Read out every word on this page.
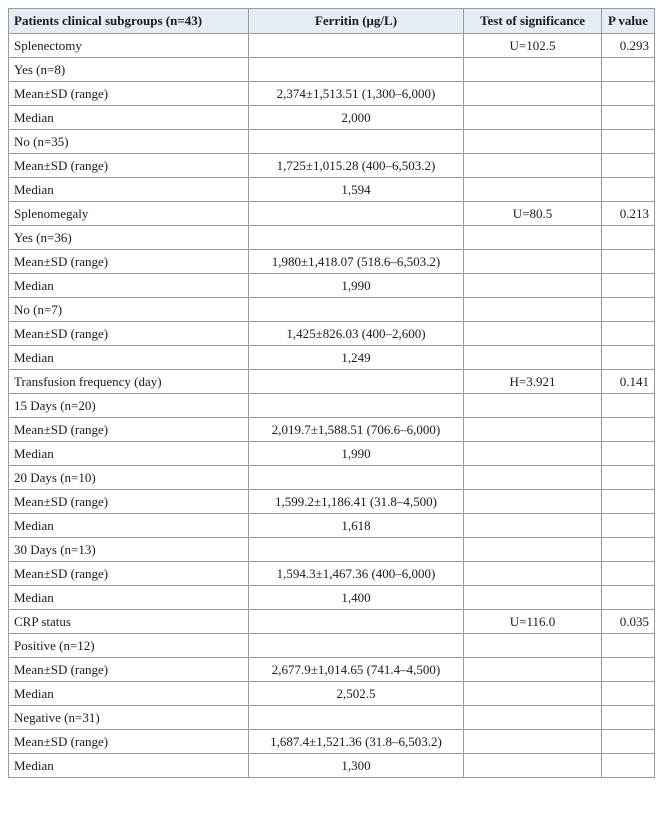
Patients clinical subgroups (n=43)	Ferritin (μg/L)	Test of significance	P value
Splenectomy		U=102.5	0.293
Yes (n=8)			
Mean±SD (range)	2,374±1,513.51 (1,300–6,000)		
Median	2,000		
No (n=35)			
Mean±SD (range)	1,725±1,015.28 (400–6,503.2)		
Median	1,594		
Splenomegaly		U=80.5	0.213
Yes (n=36)			
Mean±SD (range)	1,980±1,418.07 (518.6–6,503.2)		
Median	1,990		
No (n=7)			
Mean±SD (range)	1,425±826.03 (400–2,600)		
Median	1,249		
Transfusion frequency (day)		H=3.921	0.141
15 Days (n=20)			
Mean±SD (range)	2,019.7±1,588.51 (706.6–6,000)		
Median	1,990		
20 Days (n=10)			
Mean±SD (range)	1,599.2±1,186.41 (31.8–4,500)		
Median	1,618		
30 Days (n=13)			
Mean±SD (range)	1,594.3±1,467.36 (400–6,000)		
Median	1,400		
CRP status		U=116.0	0.035
Positive (n=12)			
Mean±SD (range)	2,677.9±1,014.65 (741.4–4,500)		
Median	2,502.5		
Negative (n=31)			
Mean±SD (range)	1,687.4±1,521.36 (31.8–6,503.2)		
Median	1,300		
